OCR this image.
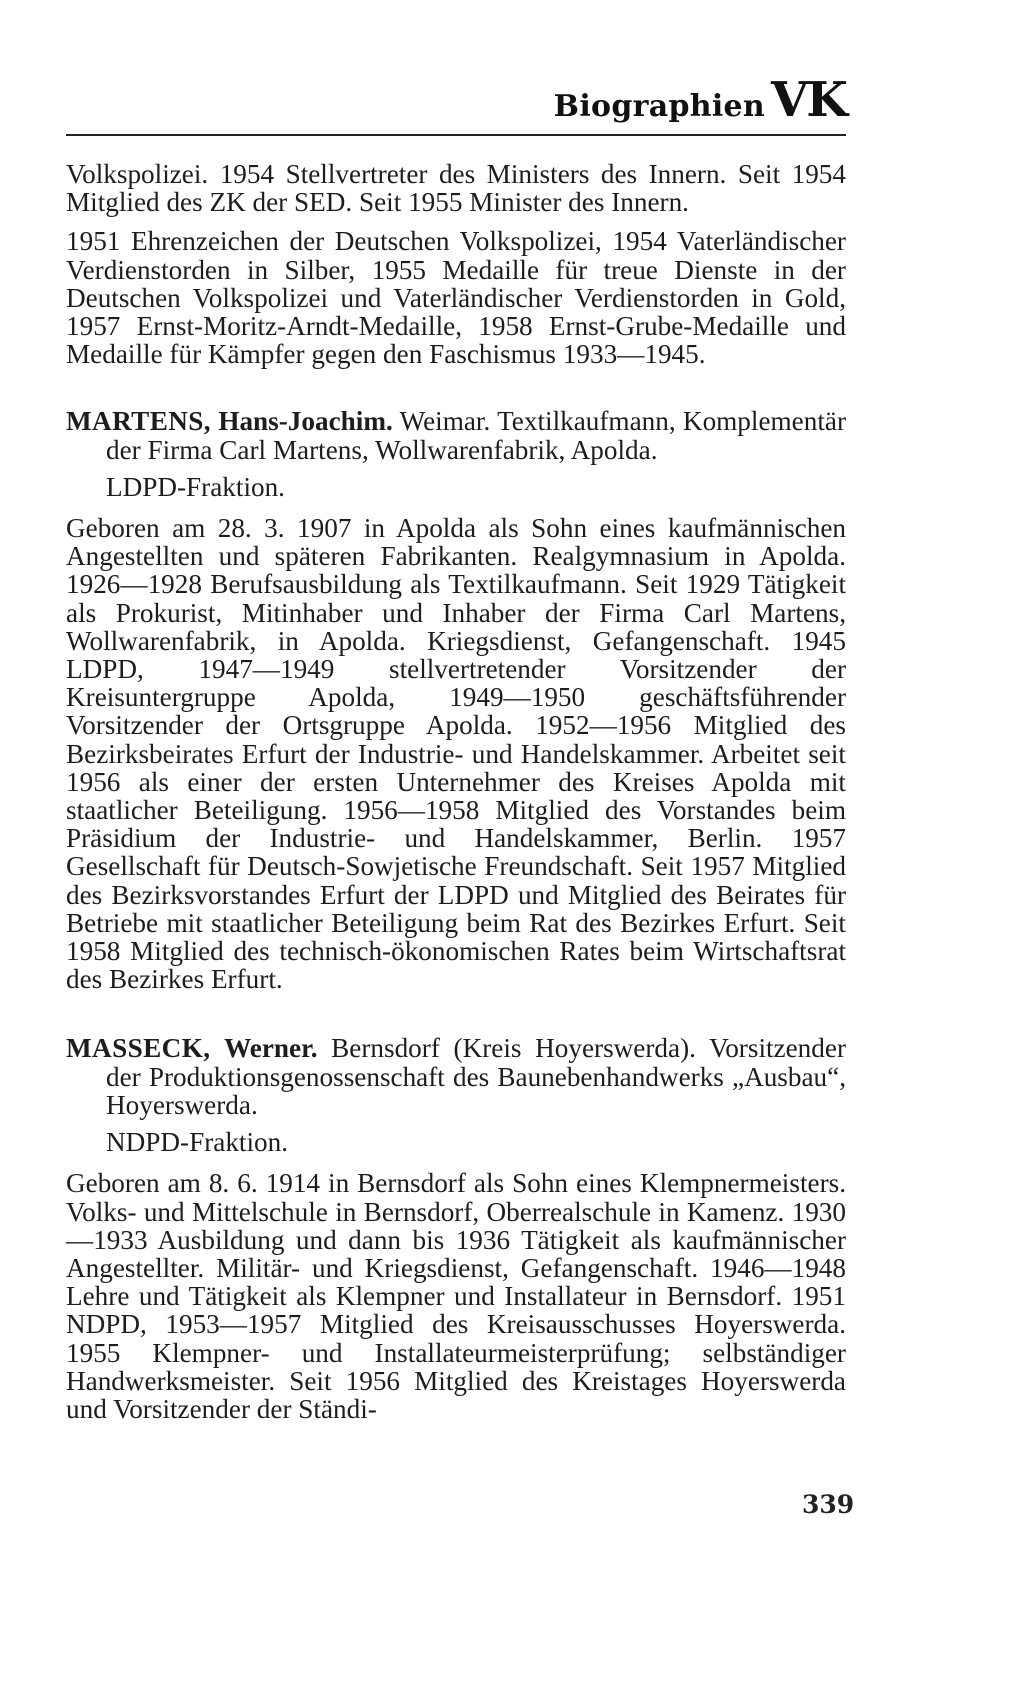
Biographien VK

Volkspolizei. 1954 Stellvertreter des Ministers des Innern. Seit 1954 Mitglied des ZK der SED. Seit 1955 Minister des Innern.

1951 Ehrenzeichen der Deutschen Volkspolizei, 1954 Vaterländischer Verdienstorden in Silber, 1955 Medaille für treue Dienste in der Deutschen Volkspolizei und Vaterländischer Verdienstorden in Gold, 1957 Ernst-Moritz-Arndt-Medaille, 1958 Ernst-Grube-Medaille und Medaille für Kämpfer gegen den Faschismus 1933—1945.

MARTENS, Hans-Joachim. Weimar. Textilkaufmann, Komplementär der Firma Carl Martens, Wollwarenfabrik, Apolda.

LDPD-Fraktion.

Geboren am 28. 3. 1907 in Apolda als Sohn eines kaufmännischen Angestellten und späteren Fabrikanten. Realgymnasium in Apolda. 1926—1928 Berufsausbildung als Textilkaufmann. Seit 1929 Tätigkeit als Prokurist, Mitinhaber und Inhaber der Firma Carl Martens, Wollwarenfabrik, in Apolda. Kriegsdienst, Gefangenschaft. 1945 LDPD, 1947—1949 stellvertretender Vorsitzender der Kreisuntergruppe Apolda, 1949—1950 geschäftsführender Vorsitzender der Ortsgruppe Apolda. 1952—1956 Mitglied des Bezirksbeirates Erfurt der Industrie- und Handelskammer. Arbeitet seit 1956 als einer der ersten Unternehmer des Kreises Apolda mit staatlicher Beteiligung. 1956—1958 Mitglied des Vorstandes beim Präsidium der Industrie- und Handelskammer, Berlin. 1957 Gesellschaft für Deutsch-Sowjetische Freundschaft. Seit 1957 Mitglied des Bezirksvorstandes Erfurt der LDPD und Mitglied des Beirates für Betriebe mit staatlicher Beteiligung beim Rat des Bezirkes Erfurt. Seit 1958 Mitglied des technisch-ökonomischen Rates beim Wirtschaftsrat des Bezirkes Erfurt.

MASSECK, Werner. Bernsdorf (Kreis Hoyerswerda). Vorsitzender der Produktionsgenossenschaft des Baunebenhandwerks „Ausbau“, Hoyerswerda.

NDPD-Fraktion.

Geboren am 8. 6. 1914 in Bernsdorf als Sohn eines Klempnermeisters. Volks- und Mittelschule in Bernsdorf, Oberrealschule in Kamenz. 1930—1933 Ausbildung und dann bis 1936 Tätigkeit als kaufmännischer Angestellter. Militär- und Kriegsdienst, Gefangenschaft. 1946—1948 Lehre und Tätigkeit als Klempner und Installateur in Bernsdorf. 1951 NDPD, 1953—1957 Mitglied des Kreisausschusses Hoyerswerda. 1955 Klempner- und Installateurmeisterprüfung; selbständiger Handwerksmeister. Seit 1956 Mitglied des Kreistages Hoyerswerda und Vorsitzender der Ständi-

339
